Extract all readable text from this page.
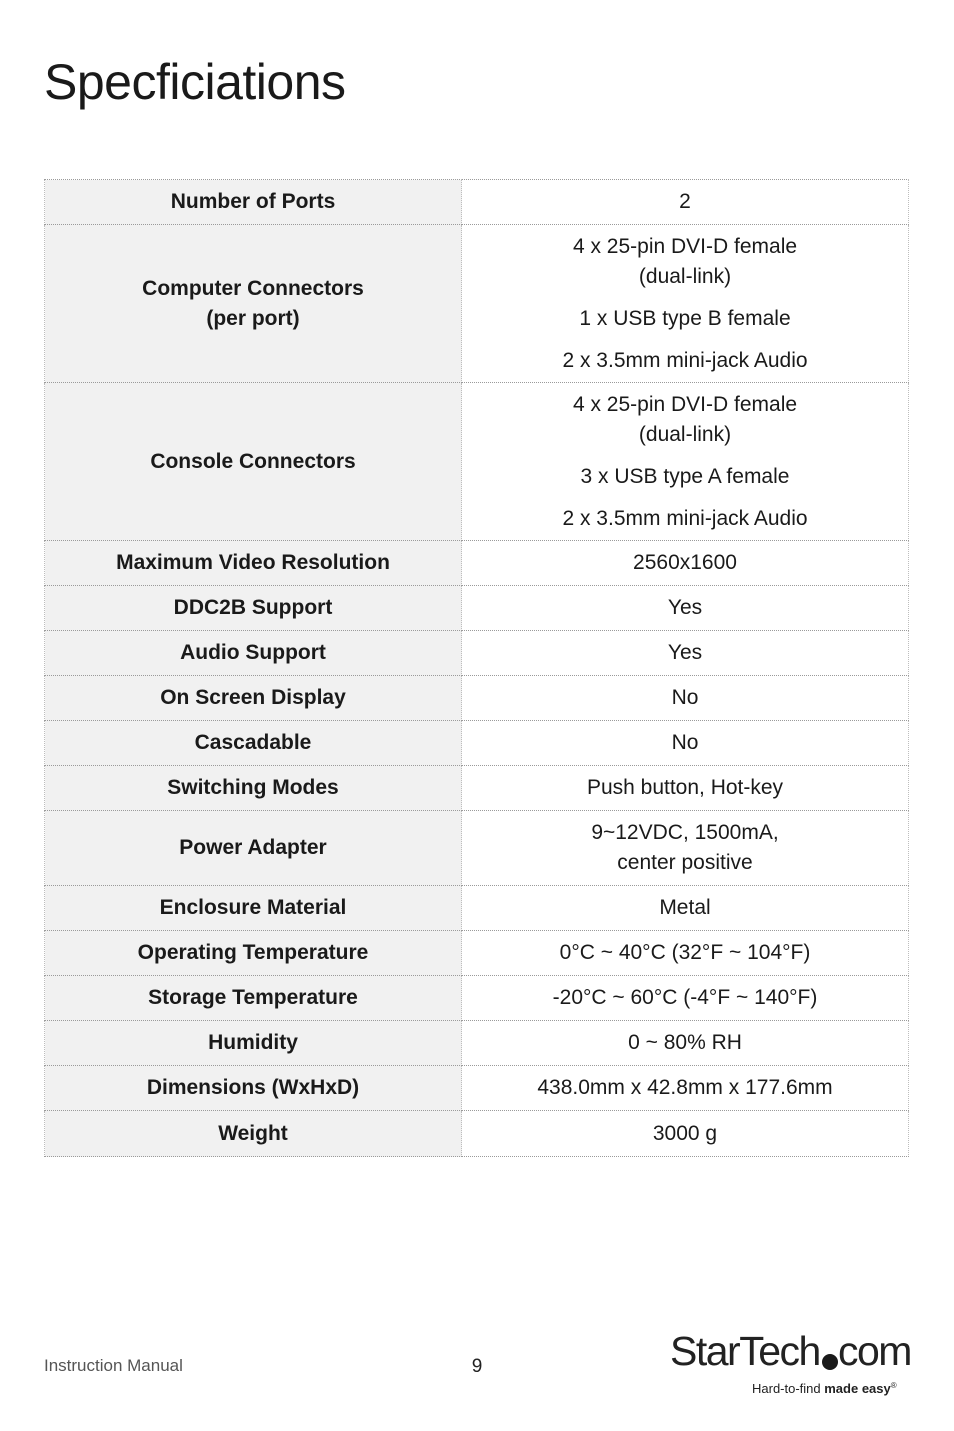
Specficiations
Number of Ports	2

Computer Connectors
(per port)	4 x 25-pin DVI-D female
(dual-link)
1 x USB type B female
2 x 3.5mm mini-jack Audio

Console Connectors	4 x 25-pin DVI-D female
(dual-link)
3 x USB type A female
2 x 3.5mm mini-jack Audio

Maximum Video Resolution	2560x1600

DDC2B Support	Yes

Audio Support	Yes

On Screen Display	No

Cascadable	No

Switching Modes	Push button, Hot-key

Power Adapter	9~12VDC, 1500mA,
center positive

Enclosure Material	Metal

Operating Temperature	0°C ~ 40°C (32°F ~ 104°F)

Storage Temperature	-20°C ~ 60°C (-4°F ~ 140°F)

Humidity	0 ~ 80% RH

Dimensions (WxHxD)	438.0mm x 42.8mm x 177.6mm

Weight	3000 g
Instruction Manual	9	StarTech com
Hard-to-find made easy®
